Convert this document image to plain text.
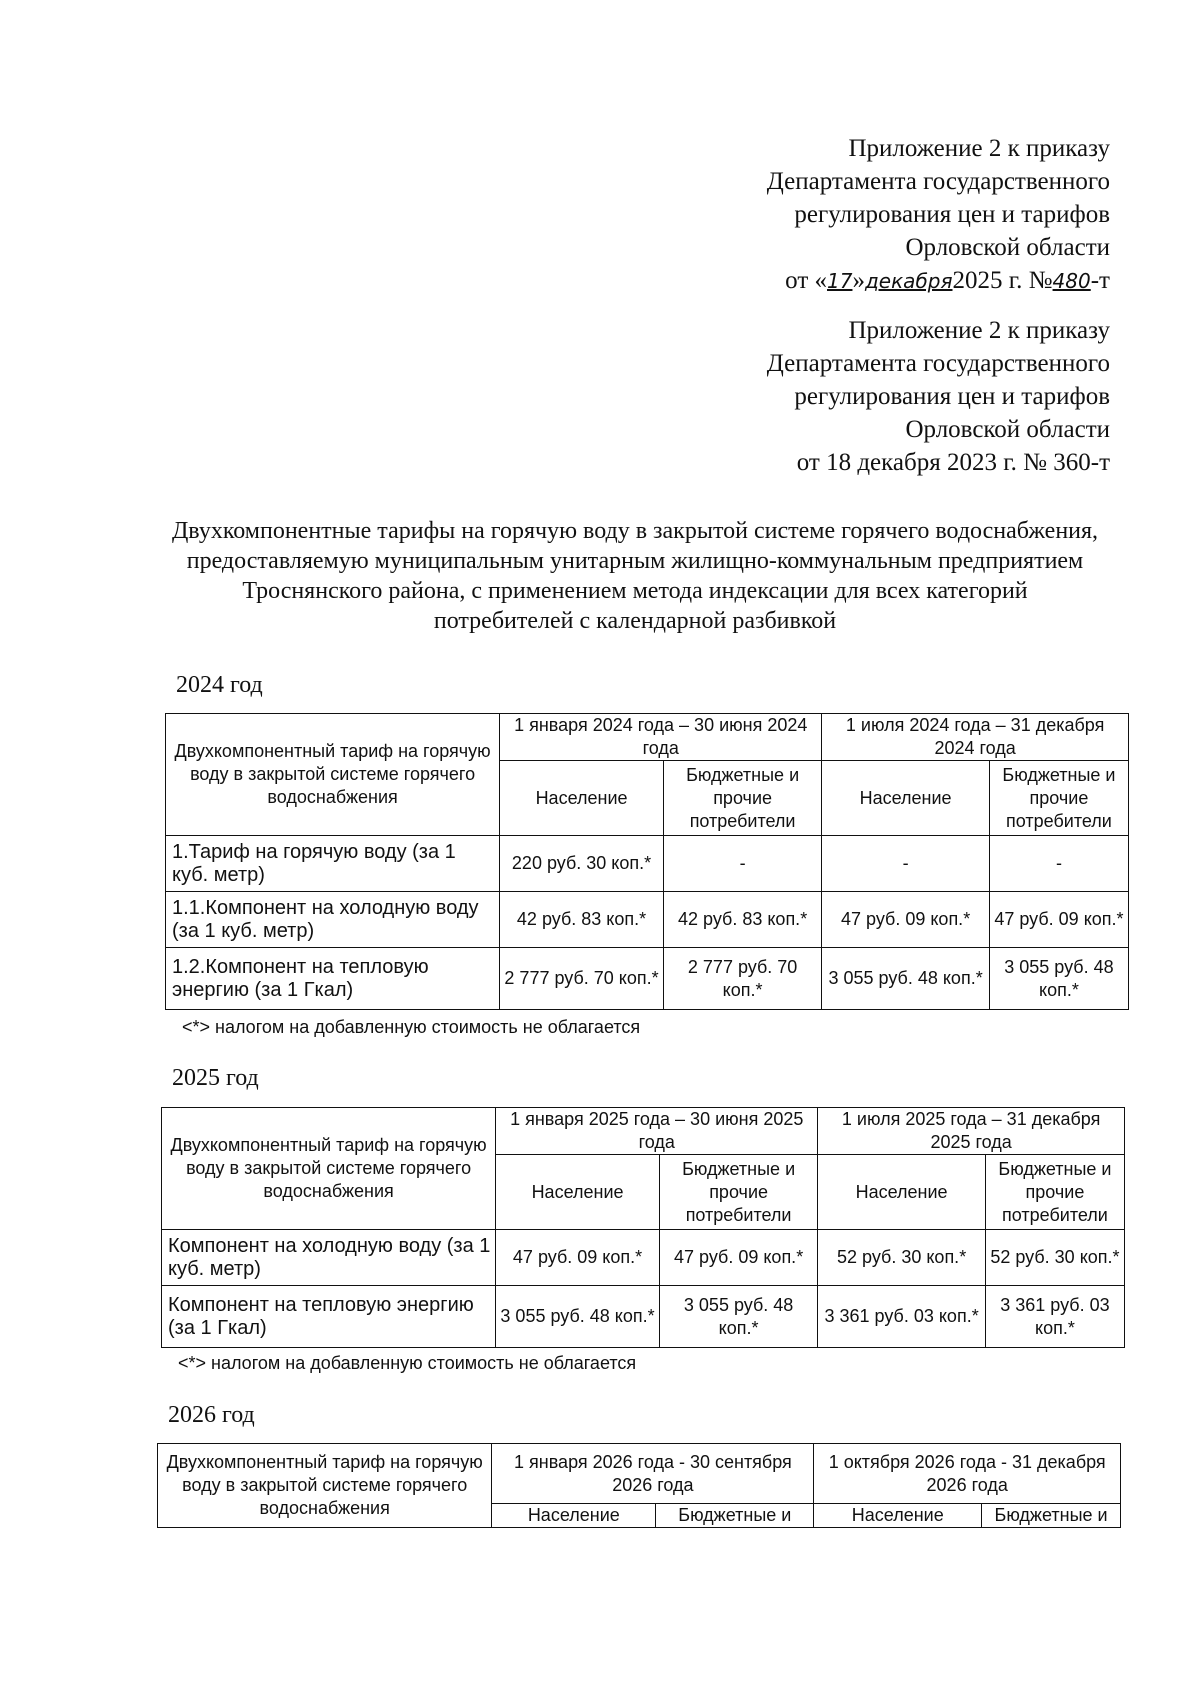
Приложение 2 к приказу
Департамента государственного
регулирования цен и тарифов
Орловской области
от «17»декабря2025 г. №480-т
Приложение 2 к приказу
Департамента государственного
регулирования цен и тарифов
Орловской области
от 18 декабря 2023 г. № 360-т
Двухкомпонентные тарифы на горячую воду в закрытой системе горячего водоснабжения, предоставляемую муниципальным унитарным жилищно-коммунальным предприятием Троснянского района, с применением метода индексации для всех категорий потребителей с календарной разбивкой
2024 год
Двухкомпонентный тариф на горячую воду в закрытой системе горячего водоснабжения	1 января 2024 года – 30 июня 2024 года		1 июля 2024 года – 31 декабря 2024 года	
	Население	Бюджетные и прочие потребители	Население	Бюджетные и прочие потребители
1.Тариф на горячую воду (за 1 куб. метр)	220 руб. 30 коп.*	-	-	-
1.1.Компонент на холодную воду (за 1 куб. метр)	42 руб. 83 коп.*	42 руб. 83 коп.*	47 руб. 09 коп.*	47 руб. 09 коп.*
1.2.Компонент на тепловую энергию (за 1 Гкал)	2 777 руб. 70 коп.*	2 777 руб. 70 коп.*	3 055 руб. 48 коп.*	3 055 руб. 48 коп.*
<*> налогом на добавленную стоимость не облагается
2025 год
Двухкомпонентный тариф на горячую воду в закрытой системе горячего водоснабжения	1 января 2025 года – 30 июня 2025 года		1 июля 2025 года – 31 декабря 2025 года	
	Население	Бюджетные и прочие потребители	Население	Бюджетные и прочие потребители
Компонент на холодную воду (за 1 куб. метр)	47 руб. 09 коп.*	47 руб. 09 коп.*	52 руб. 30 коп.*	52 руб. 30 коп.*
Компонент на тепловую энергию (за 1 Гкал)	3 055 руб. 48 коп.*	3 055 руб. 48 коп.*	3 361 руб. 03 коп.*	3 361 руб. 03 коп.*
<*> налогом на добавленную стоимость не облагается
2026 год
Двухкомпонентный тариф на горячую воду в закрытой системе горячего водоснабжения	1 января 2026 года - 30 сентября 2026 года		1 октября 2026 года - 31 декабря 2026 года	
	Население	Бюджетные и	Население	Бюджетные и
